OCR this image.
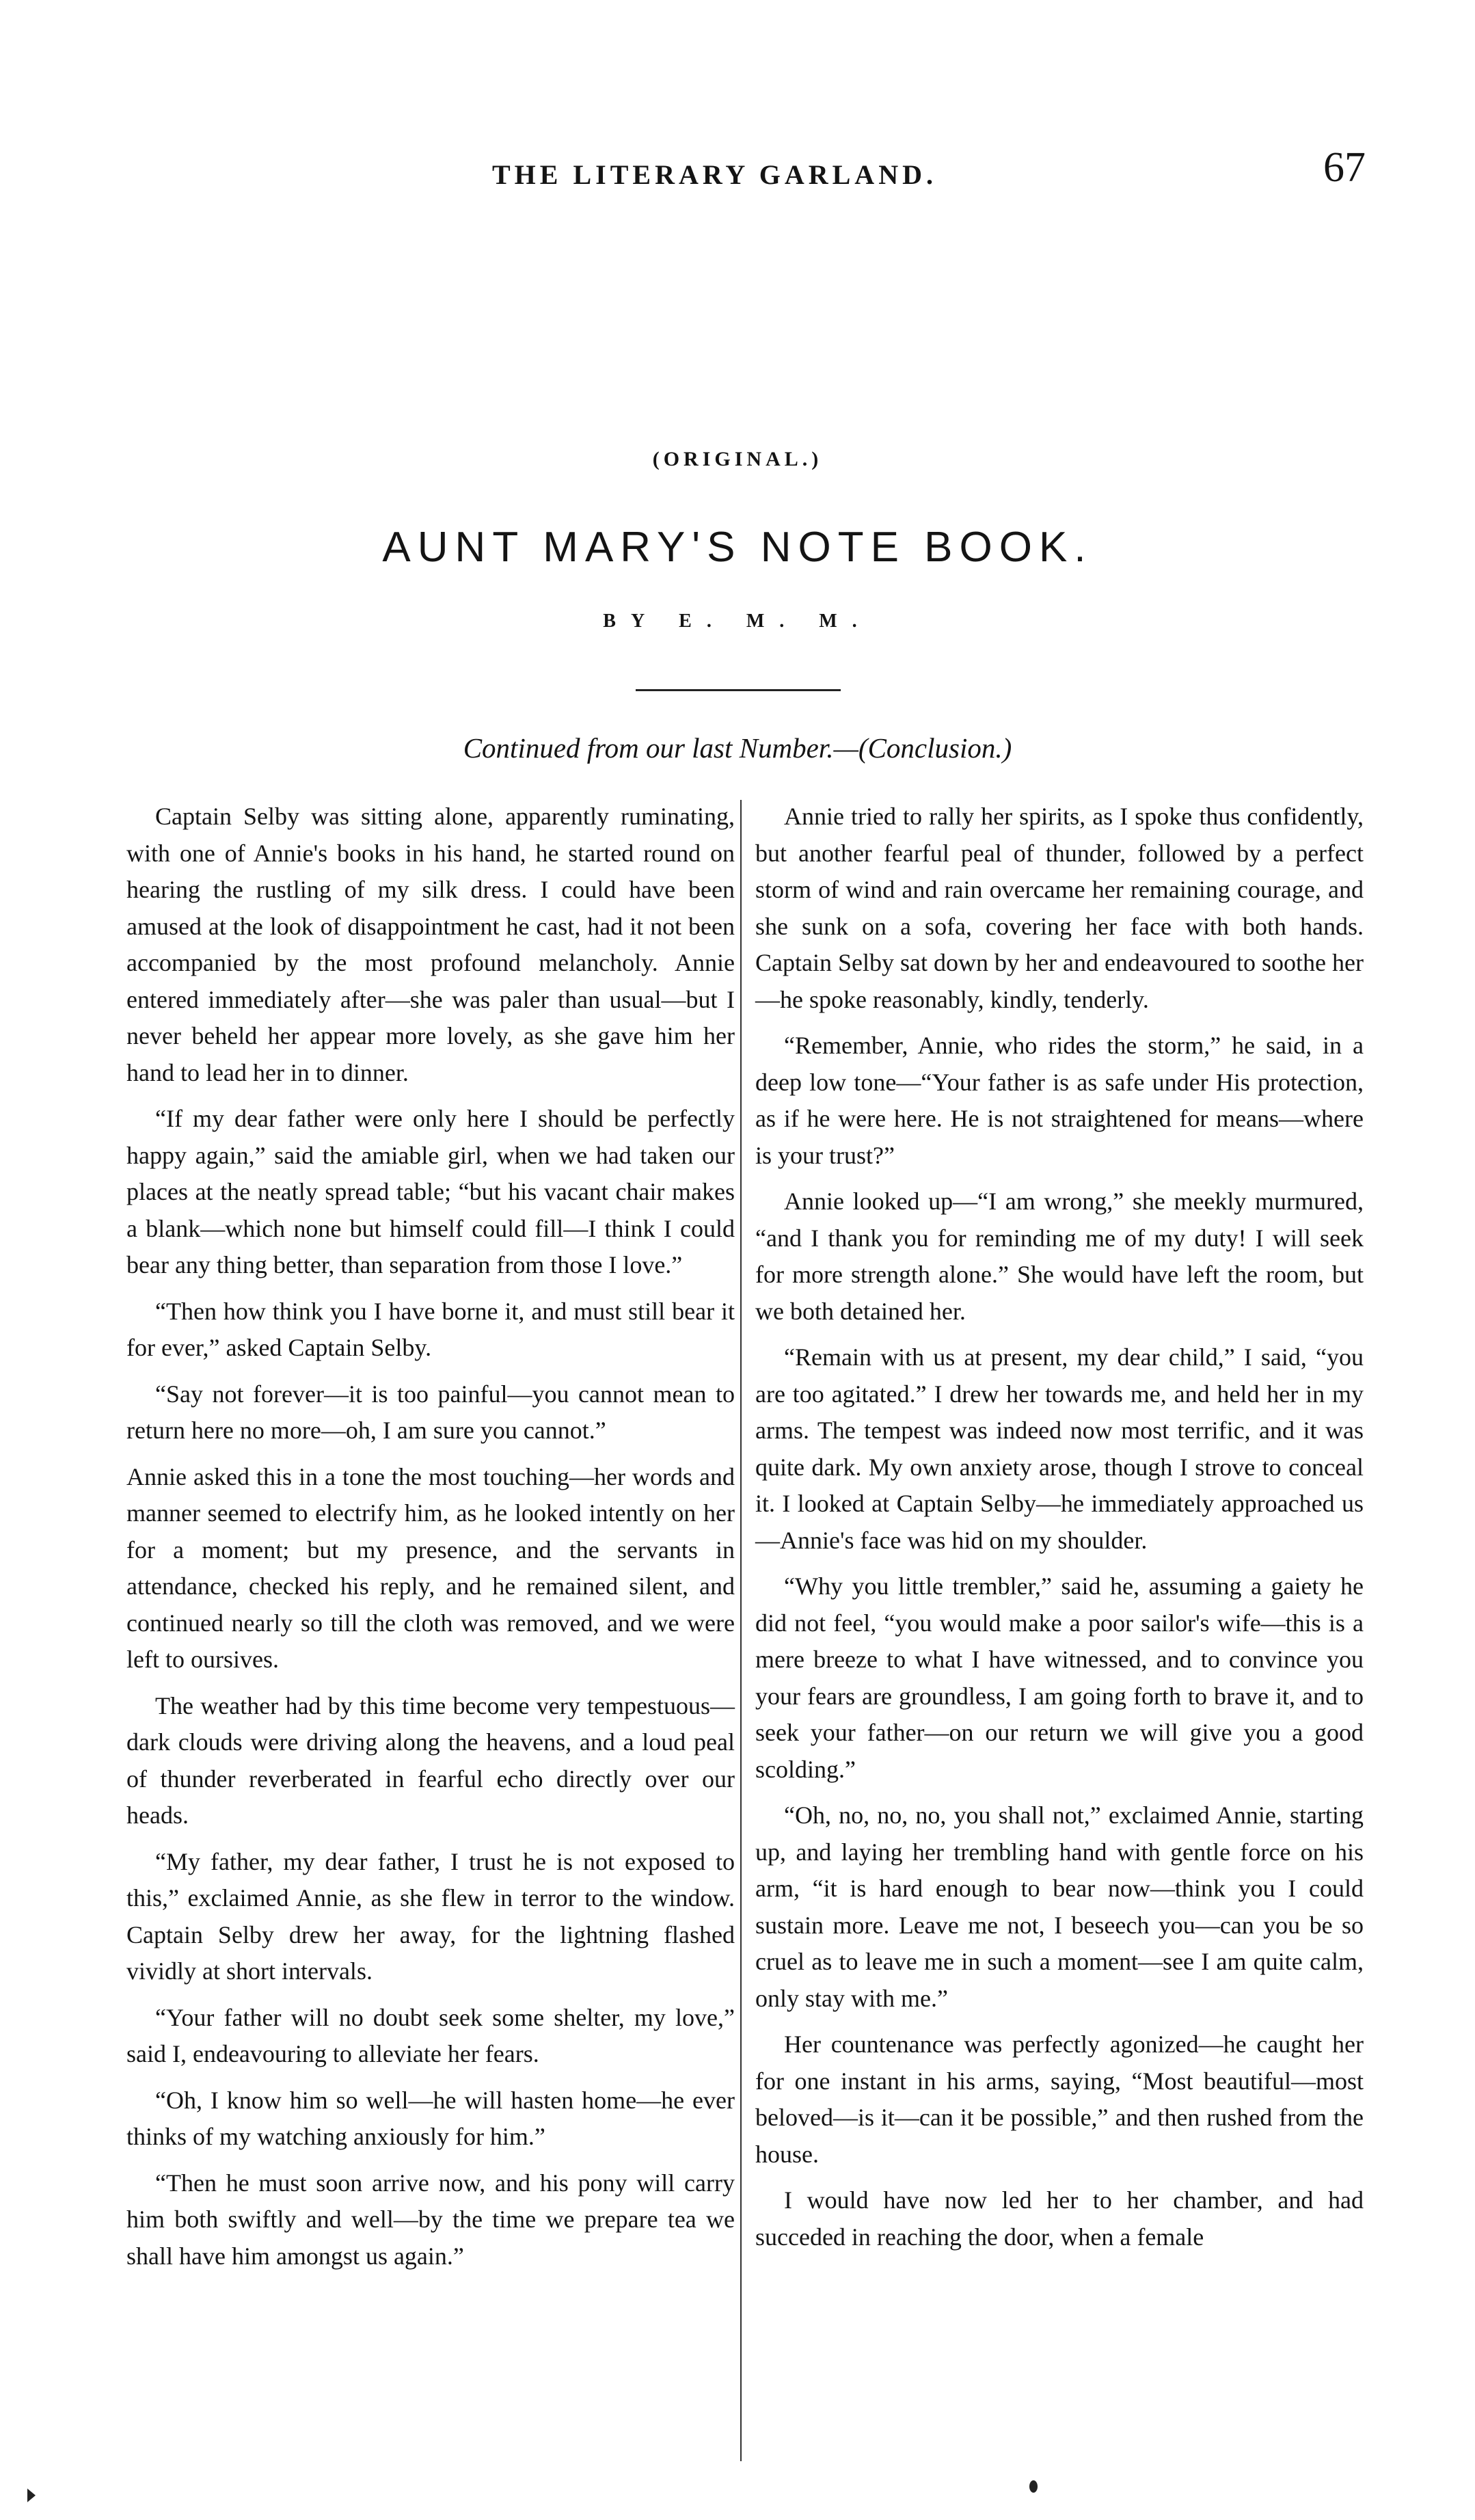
THE LITERARY GARLAND.	67
(ORIGINAL.)
AUNT MARY'S NOTE BOOK.
BY E. M. M.
Continued from our last Number.—(Conclusion.)

Captain Selby was sitting alone, apparently ruminating, with one of Annie's books in his hand, he started round on hearing the rustling of my silk dress. I could have been amused at the look of disappointment he cast, had it not been accompanied by the most profound melancholy. Annie entered immediately after—she was paler than usual—but I never beheld her appear more lovely, as she gave him her hand to lead her in to dinner.

“If my dear father were only here I should be perfectly happy again,” said the amiable girl, when we had taken our places at the neatly spread table; “but his vacant chair makes a blank—which none but himself could fill—I think I could bear any thing better, than separation from those I love.”

“Then how think you I have borne it, and must still bear it for ever,” asked Captain Selby.

“Say not forever—it is too painful—you cannot mean to return here no more—oh, I am sure you cannot.”

Annie asked this in a tone the most touching—her words and manner seemed to electrify him, as he looked intently on her for a moment; but my presence, and the servants in attendance, checked his reply, and he remained silent, and continued nearly so till the cloth was removed, and we were left to oursives.

The weather had by this time become very tempestuous—dark clouds were driving along the heavens, and a loud peal of thunder reverberated in fearful echo directly over our heads.

“My father, my dear father, I trust he is not exposed to this,” exclaimed Annie, as she flew in terror to the window. Captain Selby drew her away, for the lightning flashed vividly at short intervals.

“Your father will no doubt seek some shelter, my love,” said I, endeavouring to alleviate her fears.

“Oh, I know him so well—he will hasten home—he ever thinks of my watching anxiously for him.”

“Then he must soon arrive now, and his pony will carry him both swiftly and well—by the time we prepare tea we shall have him amongst us again.”

Annie tried to rally her spirits, as I spoke thus confidently, but another fearful peal of thunder, followed by a perfect storm of wind and rain overcame her remaining courage, and she sunk on a sofa, covering her face with both hands. Captain Selby sat down by her and endeavoured to soothe her—he spoke reasonably, kindly, tenderly.

“Remember, Annie, who rides the storm,” he said, in a deep low tone—“Your father is as safe under His protection, as if he were here. He is not straightened for means—where is your trust?”

Annie looked up—“I am wrong,” she meekly murmured, “and I thank you for reminding me of my duty! I will seek for more strength alone.” She would have left the room, but we both detained her.

“Remain with us at present, my dear child,” I said, “you are too agitated.” I drew her towards me, and held her in my arms. The tempest was indeed now most terrific, and it was quite dark. My own anxiety arose, though I strove to conceal it. I looked at Captain Selby—he immediately approached us—Annie's face was hid on my shoulder.

“Why you little trembler,” said he, assuming a gaiety he did not feel, “you would make a poor sailor's wife—this is a mere breeze to what I have witnessed, and to convince you your fears are groundless, I am going forth to brave it, and to seek your father—on our return we will give you a good scolding.”

“Oh, no, no, no, you shall not,” exclaimed Annie, starting up, and laying her trembling hand with gentle force on his arm, “it is hard enough to bear now—think you I could sustain more. Leave me not, I beseech you—can you be so cruel as to leave me in such a moment—see I am quite calm, only stay with me.”

Her countenance was perfectly agonized—he caught her for one instant in his arms, saying, “Most beautiful—most beloved—is it—can it be possible,” and then rushed from the house.

I would have now led her to her chamber, and had succeded in reaching the door, when a female
